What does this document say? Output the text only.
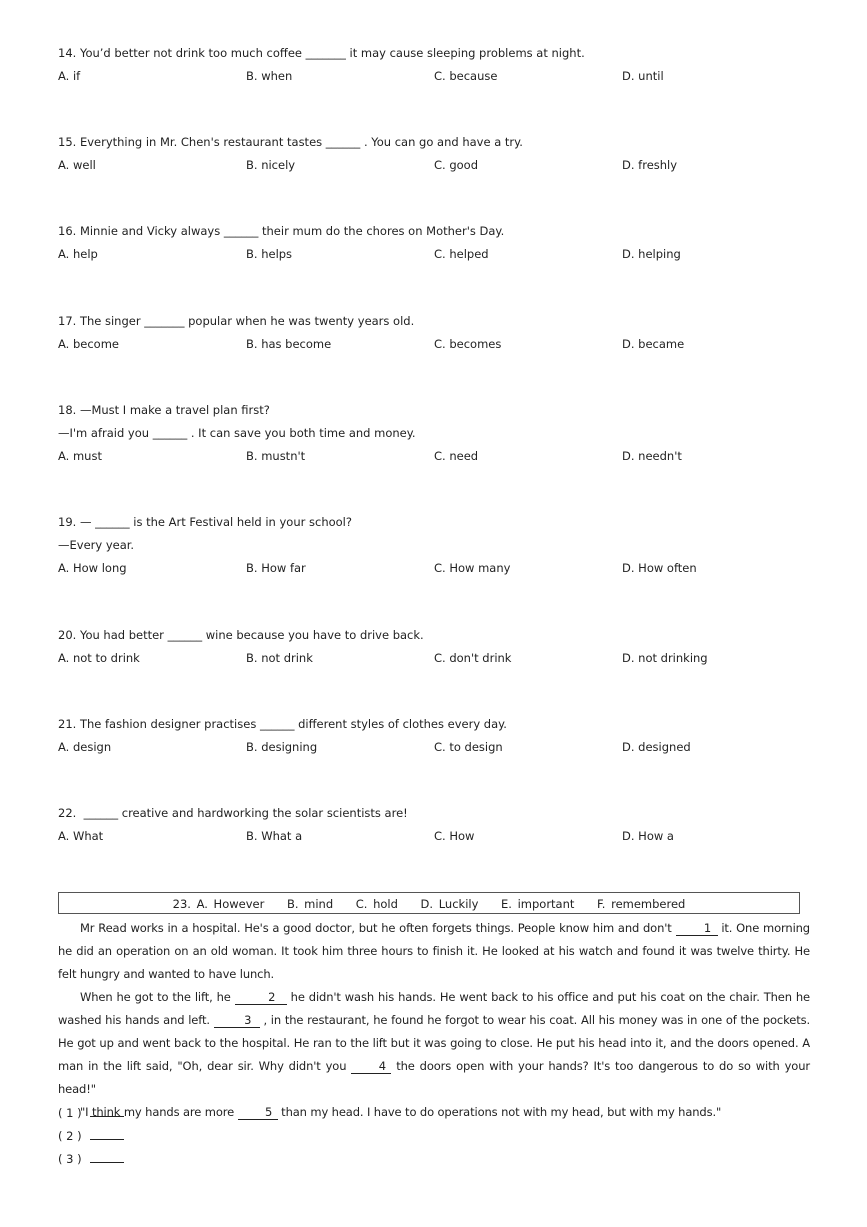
14. You’d better not drink too much coffee _______ it may cause sleeping problems at night.
A. if	B. when	C. because	D. until
15. Everything in Mr. Chen's restaurant tastes ______ . You can go and have a try.
A. well	B. nicely	C. good	D. freshly
16. Minnie and Vicky always ______ their mum do the chores on Mother's Day.
A. help	B. helps	C. helped	D. helping
17. The singer _______ popular when he was twenty years old.
A. become	B. has become	C. becomes	D. became
18. —Must I make a travel plan first?
—I'm afraid you ______ . It can save you both time and money.
A. must	B. mustn't	C. need	D. needn't
19. — ______ is the Art Festival held in your school?
—Every year.
A. How long	B. How far	C. How many	D. How often
20. You had better ______ wine because you have to drive back.
A. not to drink	B. not drink	C. don't drink	D. not drinking
21. The fashion designer practises ______ different styles of clothes every day.
A. design	B. designing	C. to design	D. designed
22.  ______ creative and hardworking the solar scientists are!
A. What	B. What a	C. How	D. How a
23. A. However    B. mind    C. hold    D. Luckily    E. important    F. remembered

Mr Read works in a hospital. He's a good doctor, but he often forgets things. People know him and don't 1 it. One morning he did an operation on an old woman. It took him three hours to finish it. He looked at his watch and found it was twelve thirty. He felt hungry and wanted to have lunch.

When he got to the lift, he	2 he didn't wash his hands. He went back to his office and put his coat on the chair. Then he washed his hands and left.	3 , in the restaurant, he found he forgot to wear his coat. All his money was in one of the pockets. He got up and went back to the hospital. He ran to the lift but it was going to close. He put his head into it, and the doors opened. A man in the lift said, "Oh, dear sir. Why didn't you 4 the doors open with your hands? It's too dangerous to do so with your head!"

"I think my hands are more 5 than my head. I have to do operations not with my head, but with my hands."

( 1 )
( 2 )
( 3 )
